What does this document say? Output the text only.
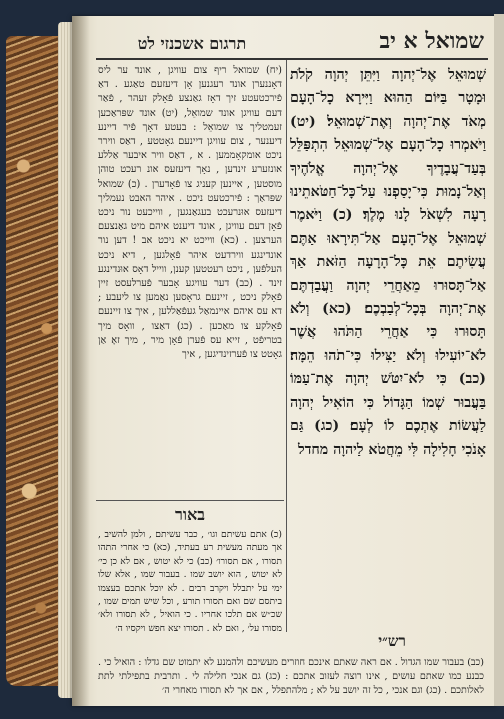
שמואל א יב
תרגום אשכנזי לט
שְׁמוּאֵל אֶל־יְהוָה וַיִּתֵּן יְהוָה קֹלֹת וּמָטָר בַּיּוֹם הַהוּא וַיִּירָא כָל־הָעָם מְאֹד אֶת־יְהוָה וְאֶת־שְׁמוּאֵל׃ (יט) וַיֹּאמְרוּ כָל־הָעָם אֶל־שְׁמוּאֵל הִתְפַּלֵּל בְּעַד־עֲבָדֶיךָ אֶל־יְהוָה אֱלֹהֶיךָ וְאַל־נָמוּת כִּי־יָסַפְנוּ עַל־כָּל־חַטֹּאתֵינוּ רָעָה לִשְׁאֹל לָנוּ מֶלֶךְ׃ (כ) וַיֹּאמֶר שְׁמוּאֵל אֶל־הָעָם אַל־תִּירָאוּ אַתֶּם עֲשִׂיתֶם אֵת כָּל־הָרָעָה הַזֹּאת אַךְ אַל־תָּסוּרוּ מֵאַחֲרֵי יְהוָה וַעֲבַדְתֶּם אֶת־יְהוָה בְּכָל־לְבַבְכֶם׃ (כא) וְלֹא תָּסוּרוּ כִּי אַחֲרֵי הַתֹּהוּ אֲשֶׁר לֹא־יוֹעִילוּ וְלֹא יַצִּילוּ כִּי־תֹהוּ הֵמָּה׃ (כב) כִּי לֹא־יִטֹּשׁ יְהוָה אֶת־עַמּוֹ בַּעֲבוּר שְׁמוֹ הַגָּדוֹל כִּי הוֹאִיל יְהוָה לַעֲשׂוֹת אֶתְכֶם לוֹ לְעָם׃ (כג) גַּם אָנֹכִי חָלִילָה לִּי מֵחֲטֹא לַיהוָה מחדל
(יח) שמואל ריף צום עוויגן , אונד ער ליס דאָננערן אונד רעגנען אָן דיעזעם טאַגע . דאַ פֿירכטעטע זיך דאָז גאַנצע פֿאָלק זעהר , פֿאַר דעם עוויגן אונד שמואֵל, (יט) אונד שפּראַכען זעמטליך צו שמואֵל : בעטע דאָך פֿיר דיינע דיענער , צום עוויגן דיינעם גאָטטע , דאַס ווירר ניכט אומקאָממען . א , דאַס וויר איבער אַללע אונזערע זינדען , נאָך דיעזעס אונ רעכט טוהן מוסטען , איינען קעניג צו פֿאָדערן . (כ) שמואל שפּראַך : פֿירכטעט ניכט . איהר האבט נעמליך דיעזעס אוּנרעכט בעגאַנגען , ווייכעט נור ניכט פֿאָן דעם עוויגן , אונד דיענט איהם מיט גאַנצעם הערצען . (כא) ווייכט יא ניכט אב ! דען נור אונדינגע ווירדעט איהר פֿאָלגען , דיא ניכט העלפֿען , ניכט רעטטען קענן, ווייל דאָס אוּנדינגע זינד . (כב) דער עוויגע אָבער פֿערלעסט זיין פֿאָלק ניכט , זיינעם גראָסען נאַמען צו ליעבע ; דא עס איהם איינמאַל געפֿאַללען , איך צו זיינעם פֿאָלקע צו מאַכען . (כג) דאַצו , וואָס מיך בטריפֿט , זייא עס פֿערן פֿאָן מיר , מיך זאָ אַן גאָטט צו פֿערזינדיגען , איך
באור
(כ) אתם עשיתם וגו׳ , כבר עשיתם , ולמן להשיב , אך מעתה מעשית רע בעתיד, (כא) כי אחרי התהו תסורו , אם תסורו׳ (כב) כי לא יטוש , אם לא כן כי׳ לא יטוש , הוא יושב שמו . בעבור שמו , אלא שלו ימי על יתבלל ויקרב רבים . לא יוכל אתכם בעצמו ביתסם שם ואם תסורו תורע , וכל שיש תמים שמו , שכ״ש אם תלכו אחריו . כי הואיל , לא תסורו ולא׳ מסורו על׳ , ואם לא . תסורו יצא חפש ויקסיו ה׳
רש״י
(כב) בעבור שמו הגדול . אם ראה שאתם אינכם חוזרים מעשיכם ולהמנע לא יתמוט שם גדלו : הואיל כי . כבנע כמו שאתם עושים , אינו רוצה לעזוב אתכם : (כג) גם אנכי חלילה לי . ותרבית בתפילתי לתת לאלותכם . (כג) וגם אנכי , כל זה יושב על לא ; מלהתפלל , אם אך לא תסורו מאחרי ה׳
